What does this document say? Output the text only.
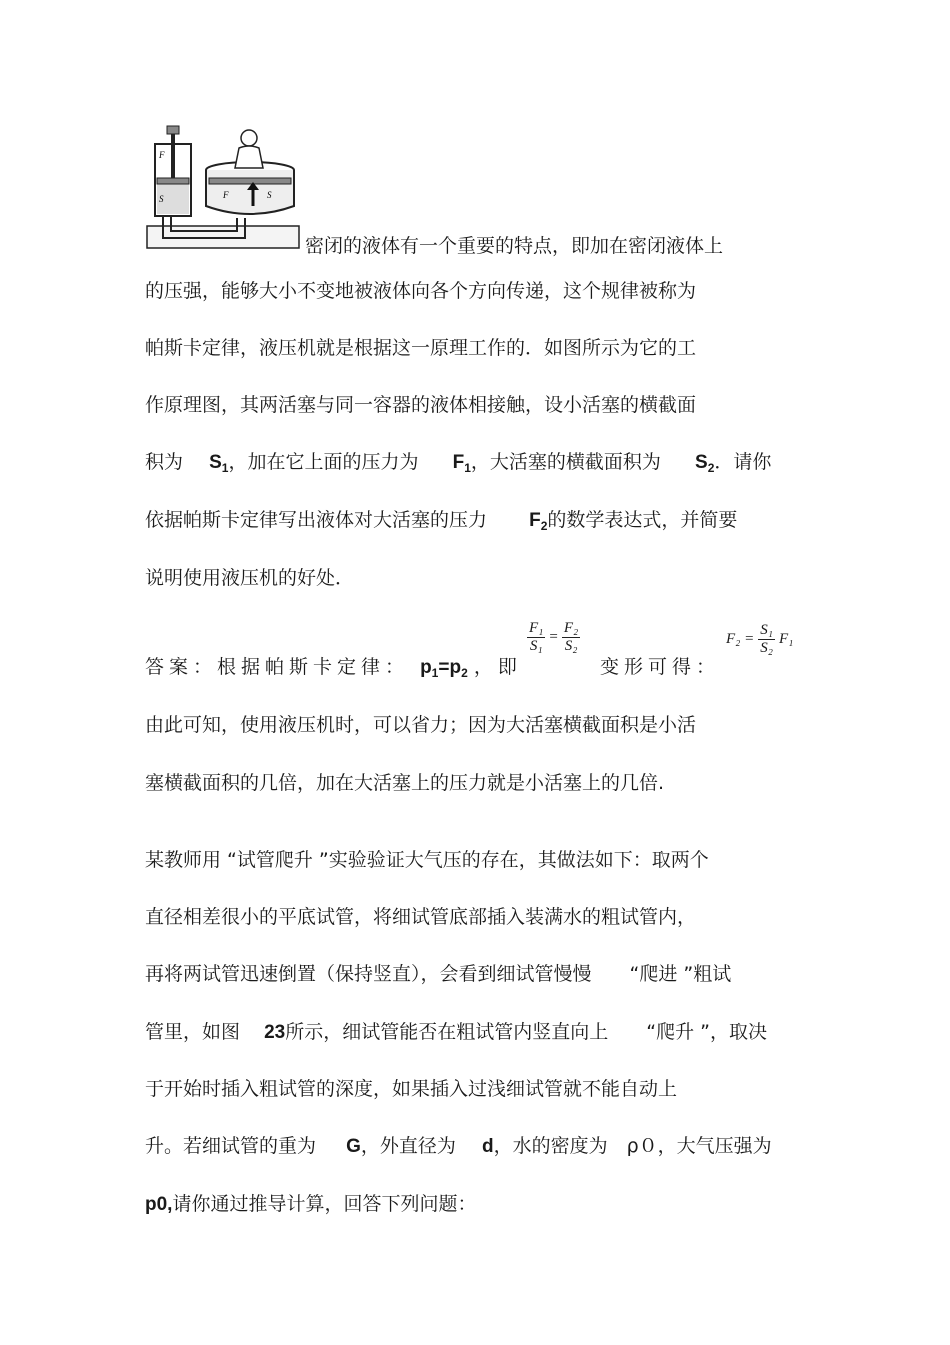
F
S	F	S
密闭的液体有一个重要的特点，即加在密闭液体上
的压强，能够大小不变地被液体向各个方向传递，这个规律被称为
帕斯卡定律，液压机就是根据这一原理工作的．如图所示为它的工
作原理图，其两活塞与同一容器的液体相接触，设小活塞的横截面
积为 $S_1$，加在它上面的压力为 $F_1$，大活塞的横截面积为 $S_2$．请你
依据帕斯卡定律写出液体对大活塞的压力 $F_2$的数学表达式，并简要
说明使用液压机的好处．
答案：根据帕斯卡定律： $p_1=p_2$ ，即
$\frac{\text{F₁}}{\text{S₁}} = \frac{\text{F₂}}{\text{S₂}}$
变形可得：
$F_2 = \frac{\text{S₁}}{\text{S₂}} F_1$
由此可知，使用液压机时，可以省力；因为大活塞横截面积是小活
塞横截面积的几倍，加在大活塞上的压力就是小活塞上的几倍.
某教师用 “试管爬升 ”实验验证大气压的存在，其做法如下：取两个
直径相差很小的平底试管，将细试管底部插入装满水的粗试管内，
再将两试管迅速倒置（保持竖直），会看到细试管慢慢　　“爬进 ”粗试
管里，如图 23所示，细试管能否在粗试管内竖直向上　　“爬升 ”，取决
于开始时插入粗试管的深度，如果插入过浅细试管就不能自动上
升。若细试管的重为 G，外直径为 d，水的密度为　ρ０，大气压强为
p0,请你通过推导计算，回答下列问题：
